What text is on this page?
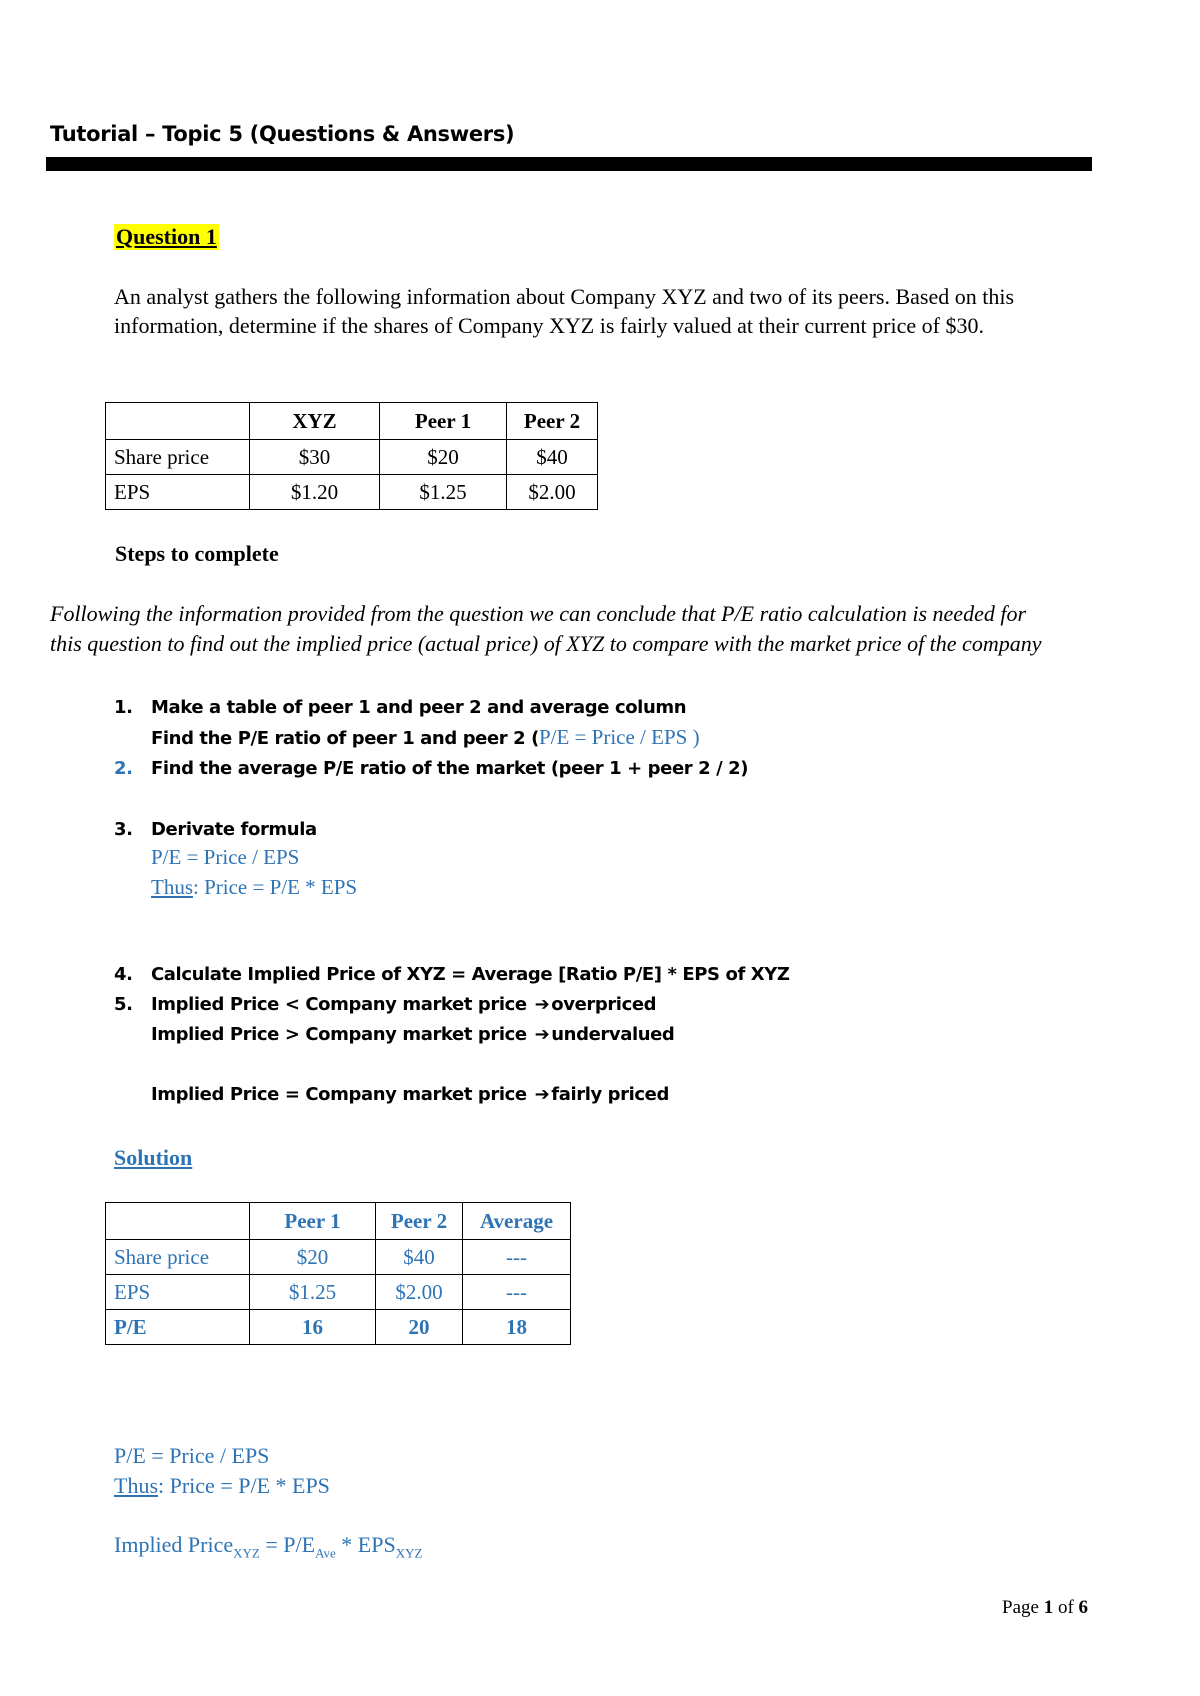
Tutorial – Topic 5 (Questions & Answers)
Question 1
An analyst gathers the following information about Company XYZ and two of its peers. Based on this information, determine if the shares of Company XYZ is fairly valued at their current price of $30.
	XYZ	Peer 1	Peer 2
Share price	$30	$20	$40
EPS	$1.20	$1.25	$2.00
Steps to complete
Following the information provided from the question we can conclude that P/E ratio calculation is needed for this question to find out the implied price (actual price) of XYZ to compare with the market price of the company
1. Make a table of peer 1 and peer 2 and average column
Find the P/E ratio of peer 1 and peer 2 (P/E = Price / EPS )
2. Find the average P/E ratio of the market (peer 1 + peer 2 / 2)
3. Derivate formula
P/E = Price / EPS
Thus: Price = P/E * EPS
4. Calculate Implied Price of XYZ = Average [Ratio P/E] * EPS of XYZ
5. Implied Price < Company market price ➔ overpriced
Implied Price > Company market price ➔ undervalued
Implied Price = Company market price ➔ fairly priced
Solution
	Peer 1	Peer 2	Average
Share price	$20	$40	---
EPS	$1.25	$2.00	---
P/E	16	20	18
P/E = Price / EPS
Thus: Price = P/E * EPS
Implied Price$_{XYZ}$ = $P/E_{Ave} * EPS_{XYZ}$
Page 1 of 6
